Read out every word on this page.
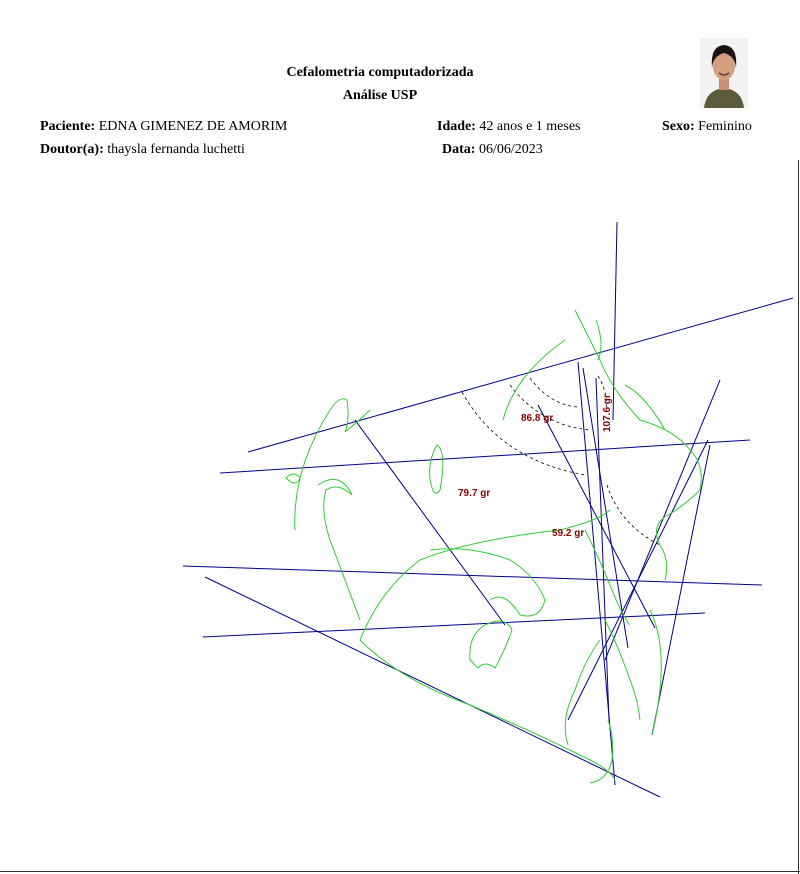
Cefalometria computadorizada
Análise USP
Paciente: EDNA GIMENEZ DE AMORIM	Idade: 42 anos e 1 meses	Sexo: Feminino
Doutor(a): thaysla fernanda luchetti	Data: 06/06/2023
86.8 gr	107.6 gr
79.7 gr
59.2 gr
